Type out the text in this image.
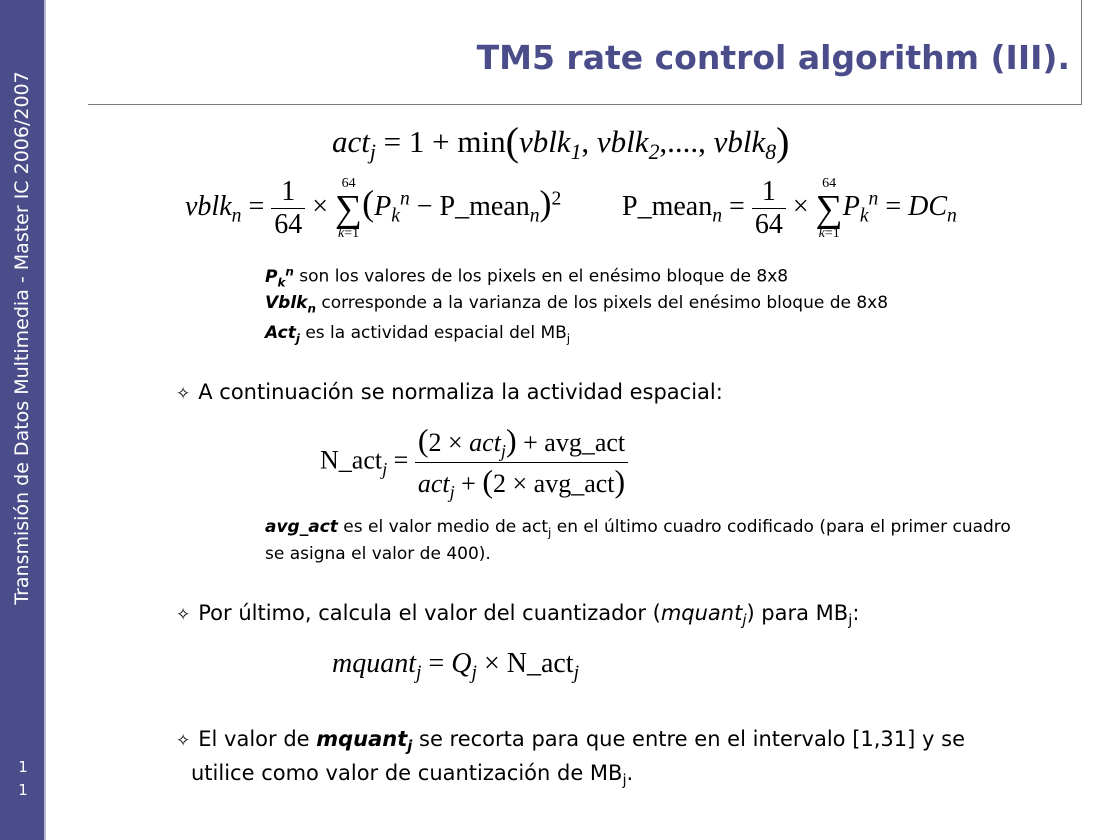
Transmisión de Datos Multimedia - Master IC 2006/2007
1
1
TM5 rate control algorithm (III).
act$_j$ = 1 + min(vblk$_1$, vblk$_2$,...., vblk$_8$)
vblk$_n$ = $\frac{1}{64}$ ×
64
∑
k=1
($P_k^n$ − P_mean$_n$)$^2$ P_mean$_n$ = $\frac{1}{64}$ ×
64
∑
k=1
$P_k^n = DC_n$
$P_k^n$ son los valores de los pixels en el enésimo bloque de 8x8
Vblk$_n$ corresponde a la varianza de los pixels del enésimo bloque de 8x8
Act$_j$ es la actividad espacial del $MB_j$
✧ A continuación se normaliza la actividad espacial:
N_act$_j$ = $\frac{(2 \times act_j) + avg\_act}{act_j + (2 \times avg\_act)}$
avg_act es el valor medio de act$_j$ en el último cuadro codificado (para el primer cuadro se asigna el valor de 400).
✧ Por último, calcula el valor del cuantizador (mquant$_j$) para $MB_j$:
mquant$_j$ = $Q_j$ × N_act$_j$
✧ El valor de mquant$_j$ se recorta para que entre en el intervalo [1,31] y se
utilice como valor de cuantización de $MB_j$.
